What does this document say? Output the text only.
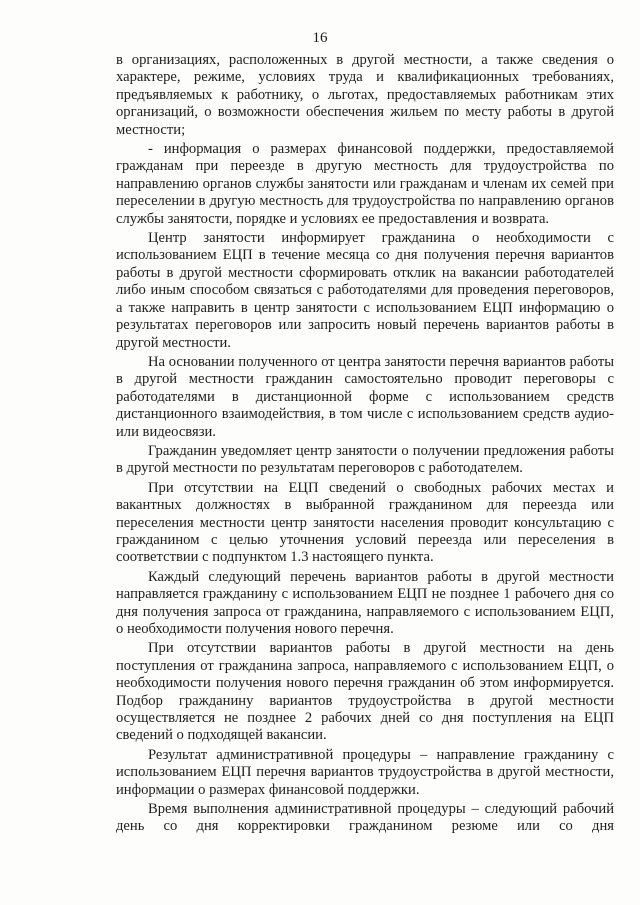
16

в организациях, расположенных в другой местности, а также сведения о характере, режиме, условиях труда и квалификационных требованиях, предъявляемых к работнику, о льготах, предоставляемых работникам этих организаций, о возможности обеспечения жильем по месту работы в другой местности;

- информация о размерах финансовой поддержки, предоставляемой гражданам при переезде в другую местность для трудоустройства по направлению органов службы занятости или гражданам и членам их семей при переселении в другую местность для трудоустройства по направлению органов службы занятости, порядке и условиях ее предоставления и возврата.

Центр занятости информирует гражданина о необходимости с использованием ЕЦП в течение месяца со дня получения перечня вариантов работы в другой местности сформировать отклик на вакансии работодателей либо иным способом связаться с работодателями для проведения переговоров, а также направить в центр занятости с использованием ЕЦП информацию о результатах переговоров или запросить новый перечень вариантов работы в другой местности.

На основании полученного от центра занятости перечня вариантов работы в другой местности гражданин самостоятельно проводит переговоры с работодателями в дистанционной форме с использованием средств дистанционного взаимодействия, в том числе с использованием средств аудио- или видеосвязи.

Гражданин уведомляет центр занятости о получении предложения работы в другой местности по результатам переговоров с работодателем.

При отсутствии на ЕЦП сведений о свободных рабочих местах и вакантных должностях в выбранной гражданином для переезда или переселения местности центр занятости населения проводит консультацию с гражданином с целью уточнения условий переезда или переселения в соответствии с подпунктом 1.3 настоящего пункта.

Каждый следующий перечень вариантов работы в другой местности направляется гражданину с использованием ЕЦП не позднее 1 рабочего дня со дня получения запроса от гражданина, направляемого с использованием ЕЦП, о необходимости получения нового перечня.

При отсутствии вариантов работы в другой местности на день поступления от гражданина запроса, направляемого с использованием ЕЦП, о необходимости получения нового перечня гражданин об этом информируется. Подбор гражданину вариантов трудоустройства в другой местности осуществляется не позднее 2 рабочих дней со дня поступления на ЕЦП сведений о подходящей вакансии.

Результат административной процедуры – направление гражданину с использованием ЕЦП перечня вариантов трудоустройства в другой местности, информации о размерах финансовой поддержки.

Время выполнения административной процедуры – следующий рабочий день со дня корректировки гражданином резюме или со дня
